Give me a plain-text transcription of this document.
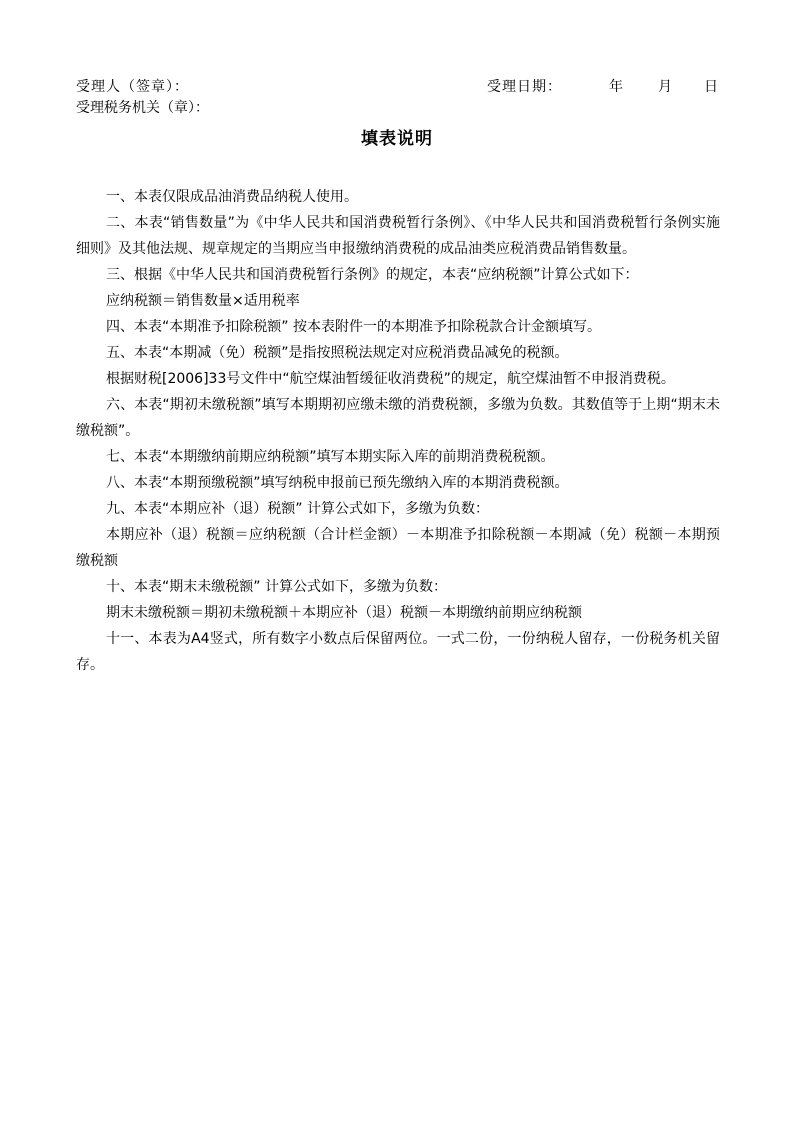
受理人（签章）：
受理税务机关（章）：
受理日期：	年	月 日
填表说明

一、本表仅限成品油消费品纳税人使用。

二、本表“销售数量”为《中华人民共和国消费税暂行条例》、《中华人民共和国消费税暂行条例实施细则》及其他法规、规章规定的当期应当申报缴纳消费税的成品油类应税消费品销售数量。

三、根据《中华人民共和国消费税暂行条例》的规定，本表“应纳税额”计算公式如下：

应纳税额＝销售数量×适用税率

四、本表“本期准予扣除税额” 按本表附件一的本期准予扣除税款合计金额填写。

五、本表“本期减（免）税额”是指按照税法规定对应税消费品减免的税额。

根据财税[2006]33号文件中“航空煤油暂缓征收消费税”的规定，航空煤油暂不申报消费税。

六、本表“期初未缴税额”填写本期期初应缴未缴的消费税额，多缴为负数。其数值等于上期“期末未缴税额”。

七、本表“本期缴纳前期应纳税额”填写本期实际入库的前期消费税税额。

八、本表“本期预缴税额”填写纳税申报前已预先缴纳入库的本期消费税额。

九、本表“本期应补（退）税额” 计算公式如下，多缴为负数：

本期应补（退）税额＝应纳税额（合计栏金额）－本期准予扣除税额－本期减（免）税额－本期预缴税额

十、本表“期末未缴税额” 计算公式如下，多缴为负数：

期末未缴税额＝期初未缴税额＋本期应补（退）税额－本期缴纳前期应纳税额

十一、本表为A4竖式，所有数字小数点后保留两位。一式二份，一份纳税人留存，一份税务机关留存。
